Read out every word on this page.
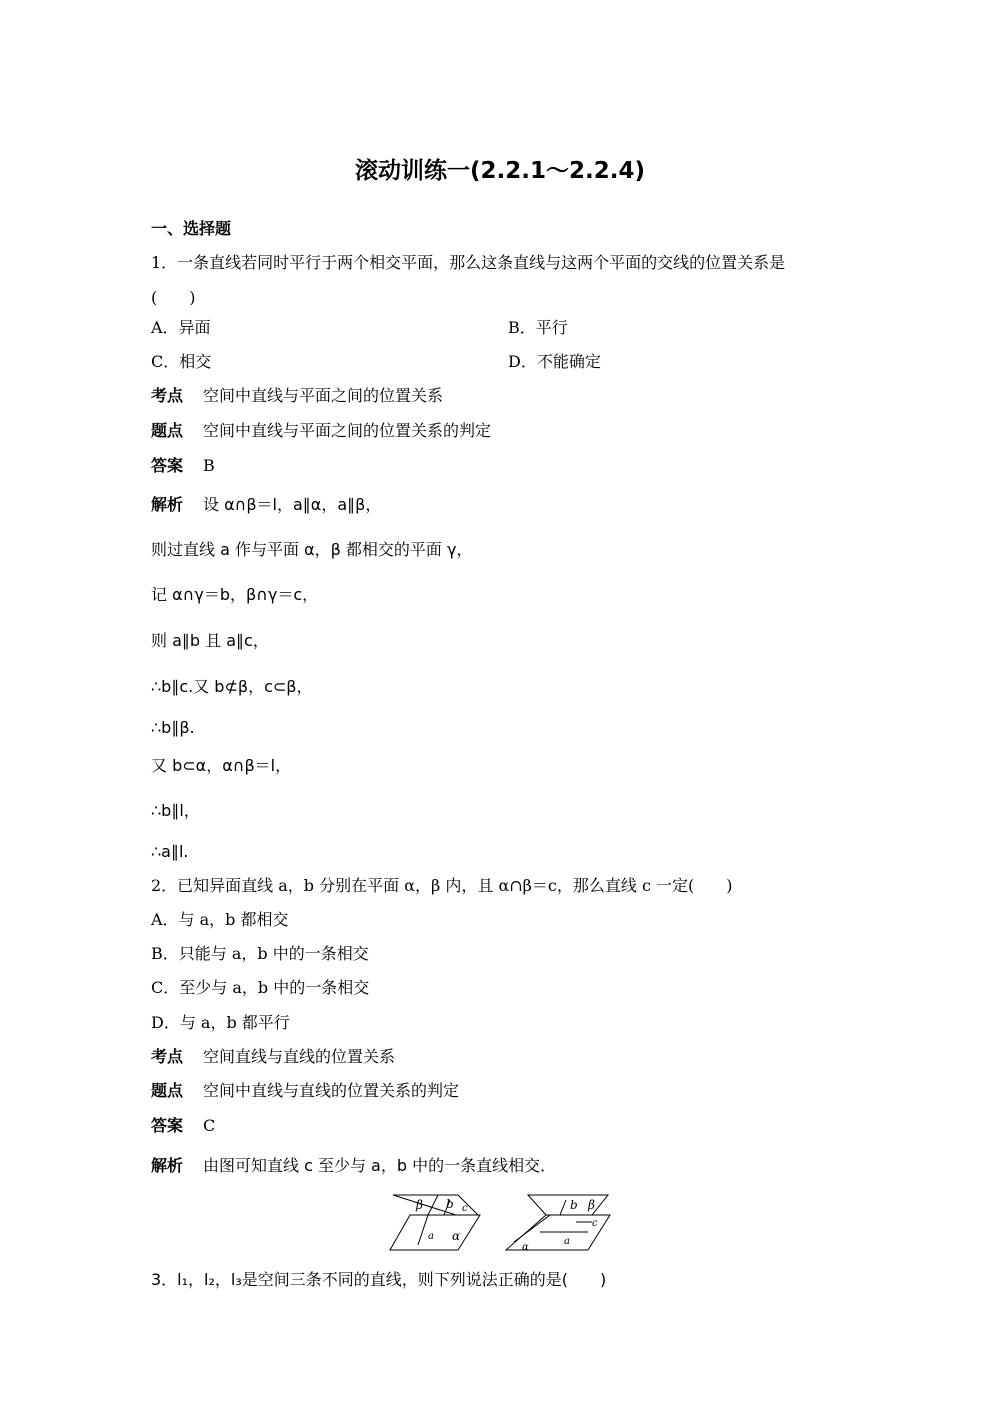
滚动训练一(2.2.1～2.2.4)
一、选择题
1．一条直线若同时平行于两个相交平面，那么这条直线与这两个平面的交线的位置关系是
(　　)
A．异面	B．平行
C．相交	D．不能确定
考点 空间中直线与平面之间的位置关系
题点 空间中直线与平面之间的位置关系的判定
答案 B
解析 设 α∩β＝l，a∥α，a∥β，
则过直线 a 作与平面 α，β 都相交的平面 γ，
记 α∩γ＝b，β∩γ＝c，
则 a∥b 且 a∥c，
∴b∥c.又 b⊄β，c⊂β，
∴b∥β.
又 b⊂α，α∩β＝l，
∴b∥l，
∴a∥l.
2．已知异面直线 a，b 分别在平面 α，β 内，且 α∩β＝c，那么直线 c 一定(　　)
A．与 a，b 都相交
B．只能与 a，b 中的一条相交
C．至少与 a，b 中的一条相交
D．与 a，b 都平行
考点 空间直线与直线的位置关系
题点 空间中直线与直线的位置关系的判定
答案 C
解析 由图可知直线 c 至少与 a，b 中的一条直线相交．
β b c
a α
b β
c
a
α
3．l₁，l₂，l₃是空间三条不同的直线，则下列说法正确的是(　　)
